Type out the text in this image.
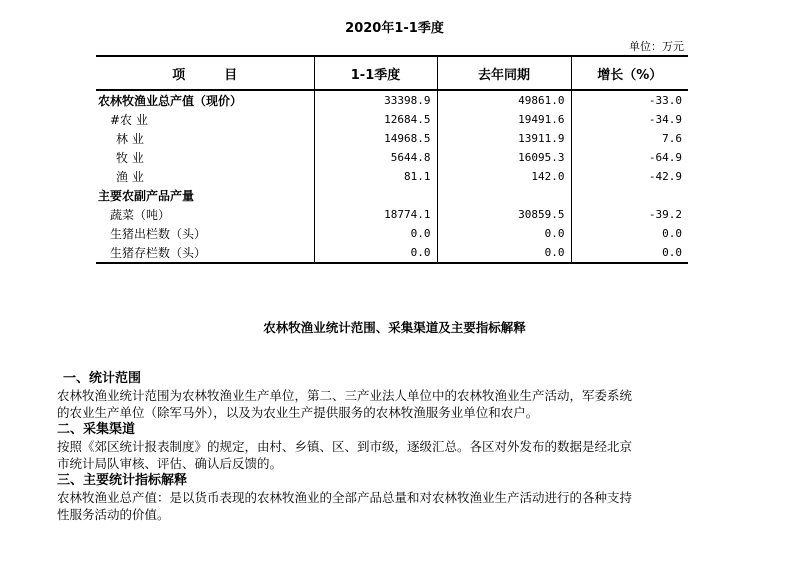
2020年1-1季度
单位：万元
项　　　目	1-1季度	去年同期	增长（%）
农林牧渔业总产值（现价）	33398.9	49861.0	-33.0
#农 业	12684.5	19491.6	-34.9
林 业	14968.5	13911.9	7.6
牧 业	5644.8	16095.3	-64.9
渔 业	81.1	142.0	-42.9
主要农副产品产量			
蔬菜（吨）	18774.1	30859.5	-39.2
生猪出栏数（头）	0.0	0.0	0.0
生猪存栏数（头）	0.0	0.0	0.0
农林牧渔业统计范围、采集渠道及主要指标解释
一、统计范围
农林牧渔业统计范围为农林牧渔业生产单位，第二、三产业法人单位中的农林牧渔业生产活动，军委系统
的农业生产单位（除军马外），以及为农业生产提供服务的农林牧渔服务业单位和农户。
二、采集渠道
按照《郊区统计报表制度》的规定，由村、乡镇、区、到市级，逐级汇总。各区对外发布的数据是经北京
市统计局队审核、评估、确认后反馈的。
三、主要统计指标解释
农林牧渔业总产值：是以货币表现的农林牧渔业的全部产品总量和对农林牧渔业生产活动进行的各种支持
性服务活动的价值。
